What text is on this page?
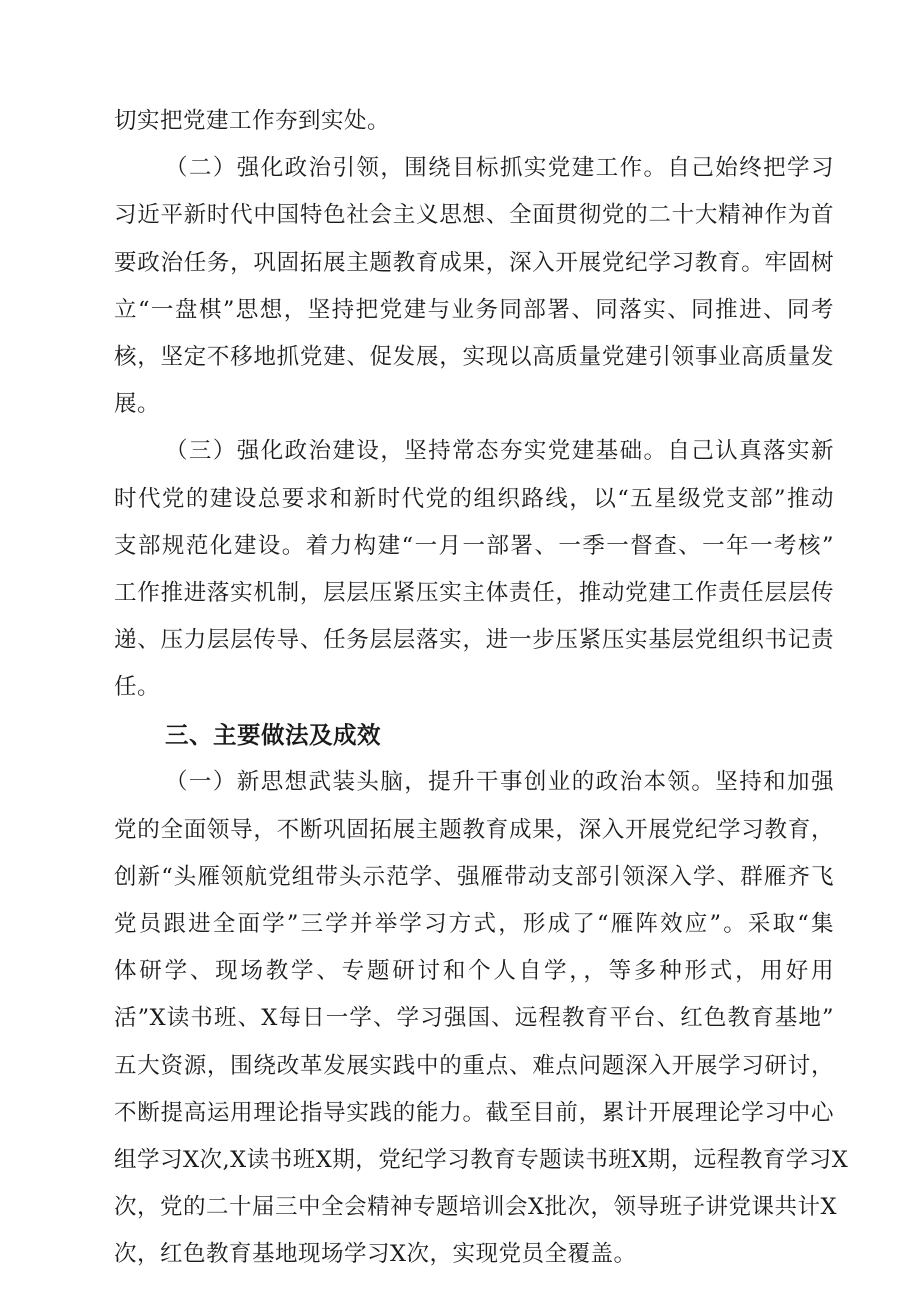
切实把党建工作夯到实处。
（二）强化政治引领，围绕目标抓实党建工作。自己始终把学习
习近平新时代中国特色社会主义思想、全面贯彻党的二十大精神作为首
要政治任务，巩固拓展主题教育成果，深入开展党纪学习教育。牢固树
立“一盘棋”思想，坚持把党建与业务同部署、同落实、同推进、同考
核，坚定不移地抓党建、促发展，实现以高质量党建引领事业高质量发
展。
（三）强化政治建设，坚持常态夯实党建基础。自己认真落实新
时代党的建设总要求和新时代党的组织路线，以“五星级党支部”推动
支部规范化建设。着力构建“一月一部署、一季一督查、一年一考核”
工作推进落实机制，层层压紧压实主体责任，推动党建工作责任层层传
递、压力层层传导、任务层层落实，进一步压紧压实基层党组织书记责
任。
三、主要做法及成效
（一）新思想武装头脑，提升干事创业的政治本领。坚持和加强
党的全面领导，不断巩固拓展主题教育成果，深入开展党纪学习教育，
创新“头雁领航党组带头示范学、强雁带动支部引领深入学、群雁齐飞
党员跟进全面学”三学并举学习方式，形成了“雁阵效应”。采取“集
体研学、现场教学、专题研讨和个人自学，，等多种形式，用好用
活”X读书班、X每日一学、学习强国、远程教育平台、红色教育基地”
五大资源，围绕改革发展实践中的重点、难点问题深入开展学习研讨，
不断提高运用理论指导实践的能力。截至目前，累计开展理论学习中心
组学习X次,X读书班X期，党纪学习教育专题读书班X期，远程教育学习X
次，党的二十届三中全会精神专题培训会X批次，领导班子讲党课共计X
次，红色教育基地现场学习X次，实现党员全覆盖。
